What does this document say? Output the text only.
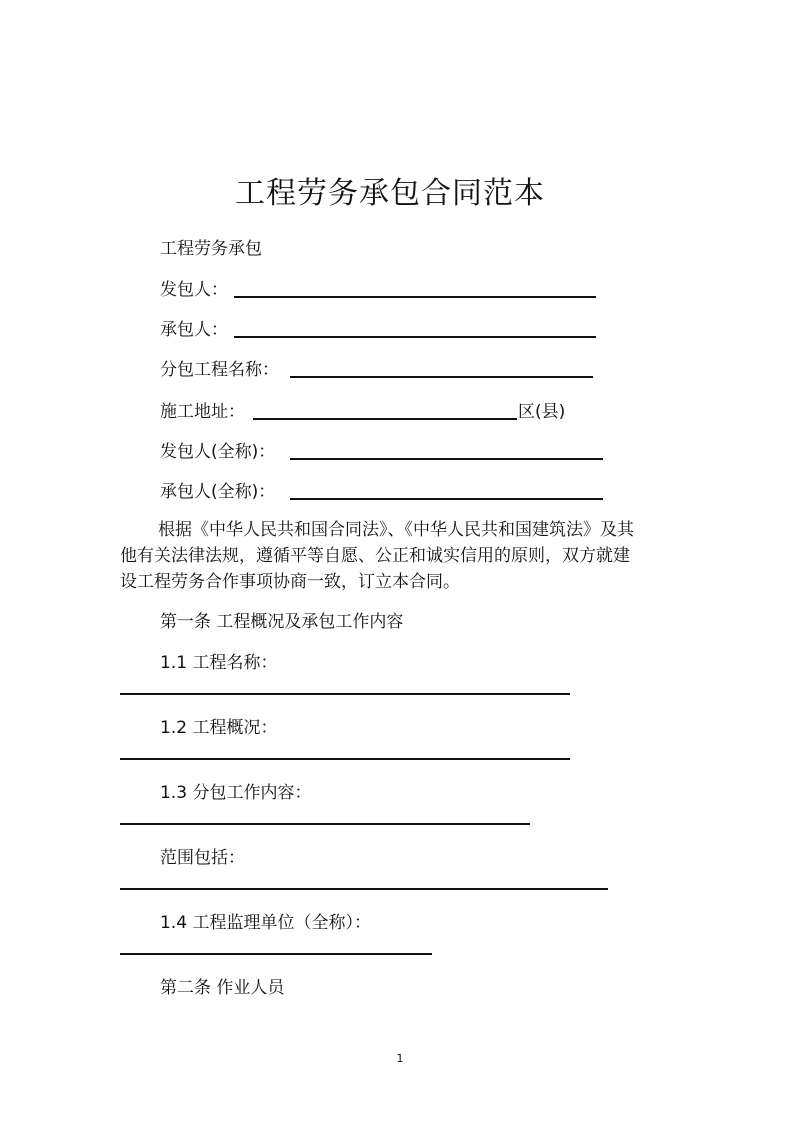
工程劳务承包合同范本
工程劳务承包
发包人：
承包人：
分包工程名称：
施工地址：	区(县)
发包人(全称)：
承包人(全称)：
根据《中华人民共和国合同法》、《中华人民共和国建筑法》及其他有关法律法规，遵循平等自愿、公正和诚实信用的原则，双方就建设工程劳务合作事项协商一致，订立本合同。
第一条 工程概况及承包工作内容
1.1 工程名称：
1.2 工程概况：
1.3 分包工作内容：
范围包括：
1.4 工程监理单位（全称）：
第二条 作业人员
1
